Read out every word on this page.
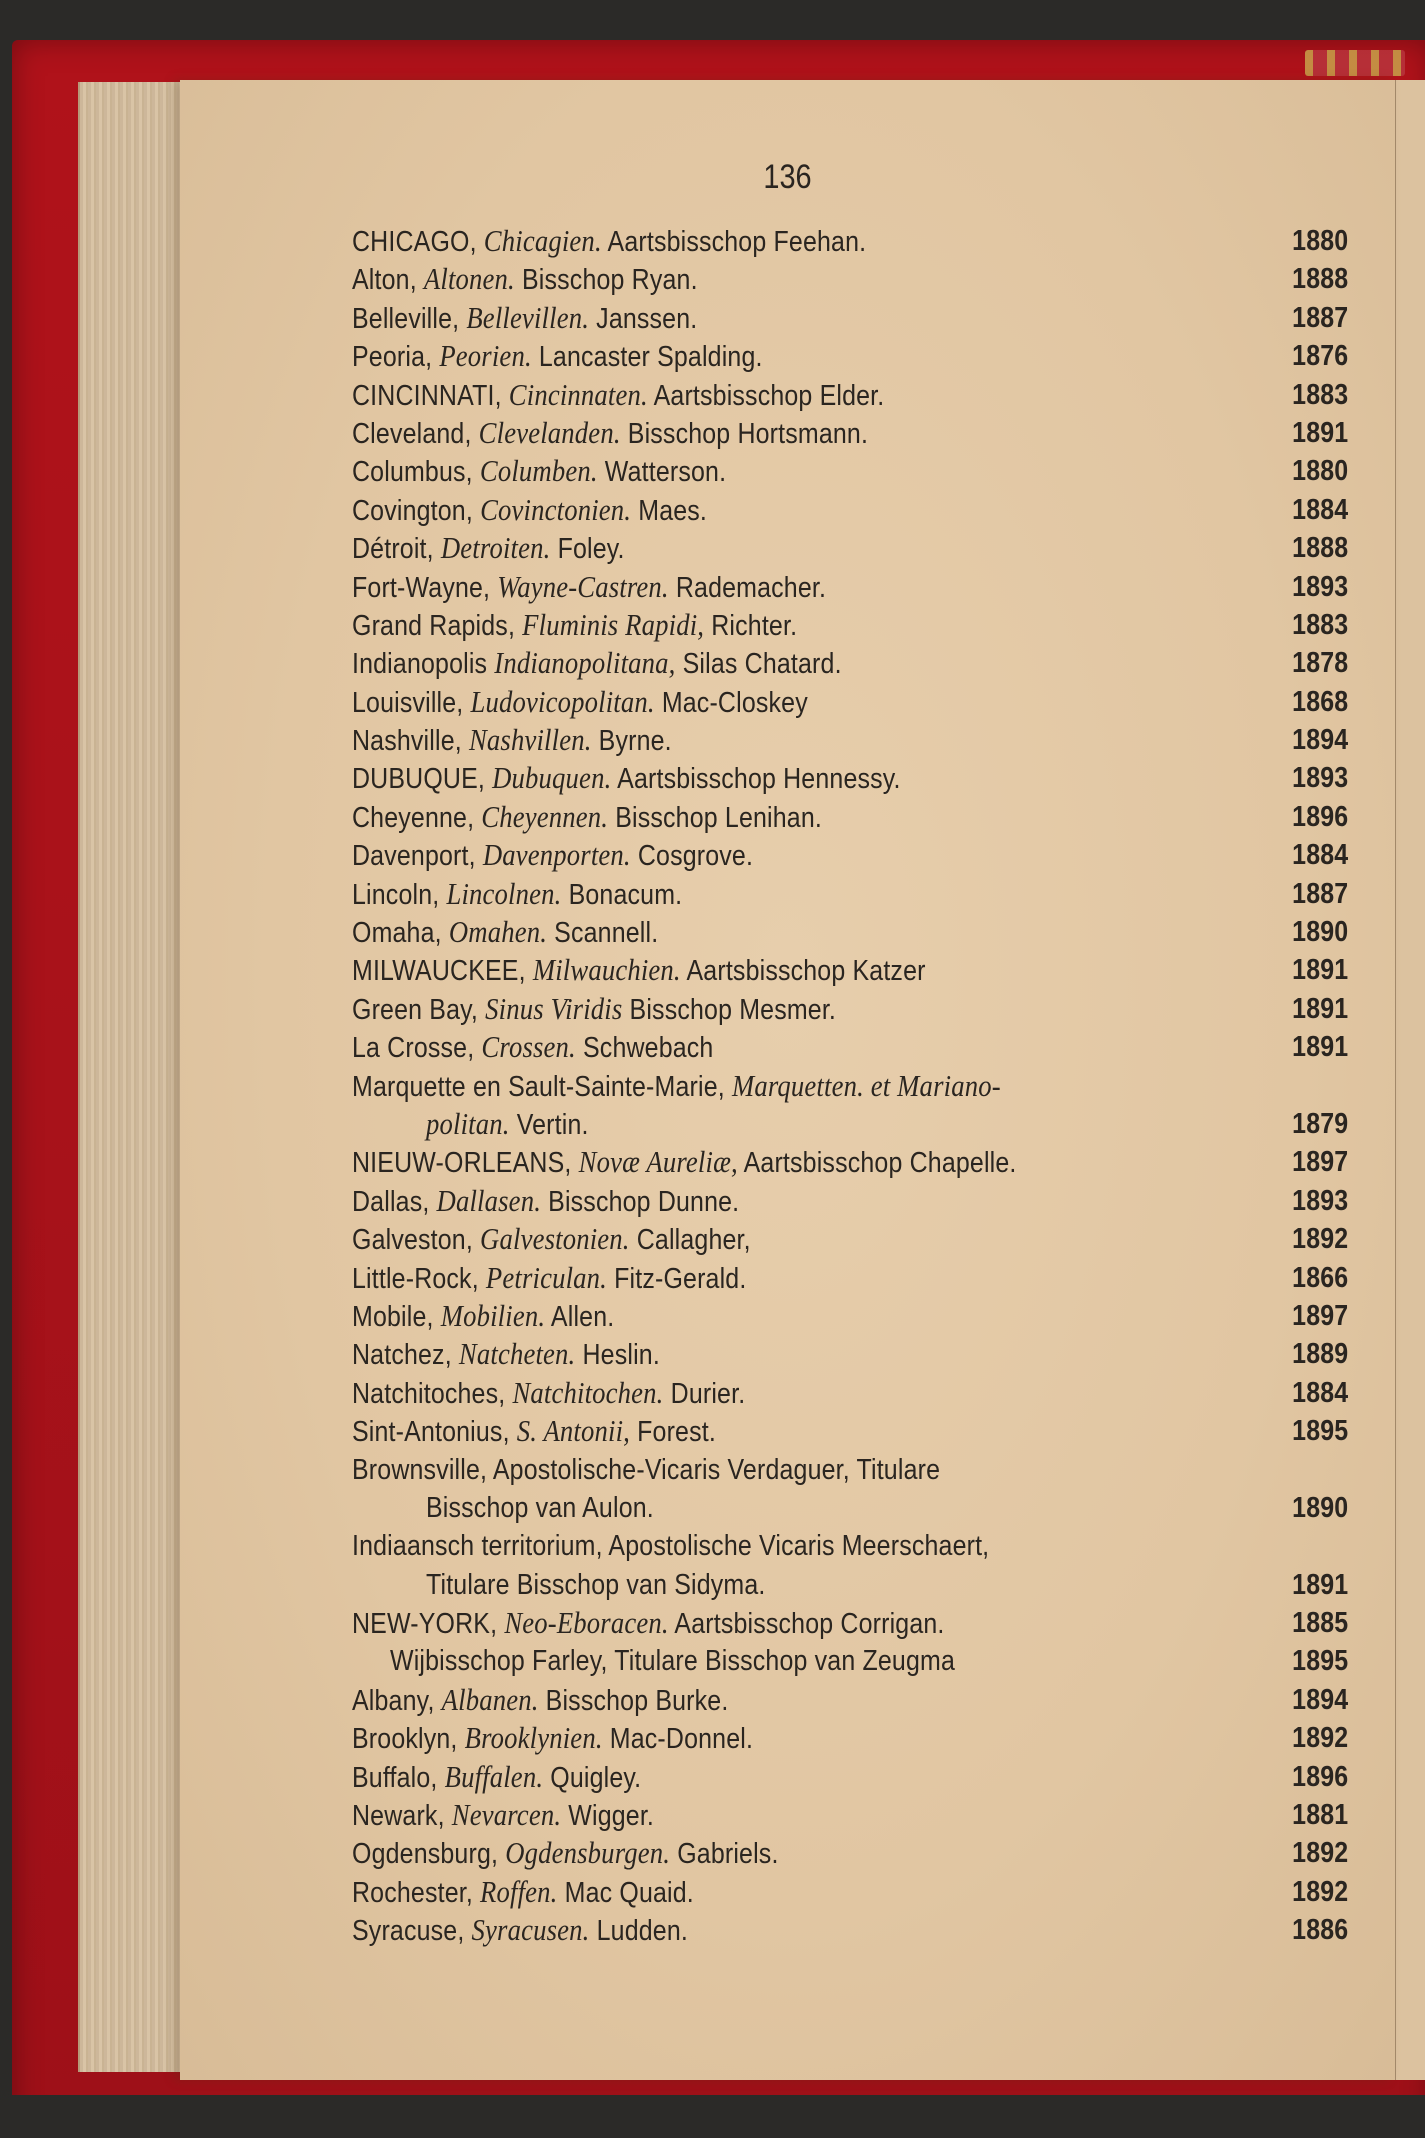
136
CHICAGO, Chicagien. Aartsbisschop Feehan.	1880
Alton, Altonen. Bisschop Ryan.	1888
Belleville, Bellevillen. Janssen.	1887
Peoria, Peorien. Lancaster Spalding.	1876
CINCINNATI, Cincinnaten. Aartsbisschop Elder.	1883
Cleveland, Clevelanden. Bisschop Hortsmann.	1891
Columbus, Columben. Watterson.	1880
Covington, Covinctonien. Maes.	1884
Détroit, Detroiten. Foley.	1888
Fort-Wayne, Wayne-Castren. Rademacher.	1893
Grand Rapids, Fluminis Rapidi, Richter.	1883
Indianopolis Indianopolitana, Silas Chatard.	1878
Louisville, Ludovicopolitan. Mac-Closkey	1868
Nashville, Nashvillen. Byrne.	1894
DUBUQUE, Dubuquen. Aartsbisschop Hennessy.	1893
Cheyenne, Cheyennen. Bisschop Lenihan.	1896
Davenport, Davenporten. Cosgrove.	1884
Lincoln, Lincolnen. Bonacum.	1887
Omaha, Omahen. Scannell.	1890
MILWAUCKEE, Milwauchien. Aartsbisschop Katzer	1891
Green Bay, Sinus Viridis Bisschop Mesmer.	1891
La Crosse, Crossen. Schwebach	1891
Marquette en Sault-Sainte-Marie, Marquetten. et Mariano-
politan. Vertin.	1879
NIEUW-ORLEANS, Novæ Aureliæ, Aartsbisschop Chapelle.	1897
Dallas, Dallasen. Bisschop Dunne.	1893
Galveston, Galvestonien. Callagher,	1892
Little-Rock, Petriculan. Fitz-Gerald.	1866
Mobile, Mobilien. Allen.	1897
Natchez, Natcheten. Heslin.	1889
Natchitoches, Natchitochen. Durier.	1884
Sint-Antonius, S. Antonii, Forest.	1895
Brownsville, Apostolische-Vicaris Verdaguer, Titulare
Bisschop van Aulon.	1890
Indiaansch territorium, Apostolische Vicaris Meerschaert,
Titulare Bisschop van Sidyma.	1891
NEW-YORK, Neo-Eboracen. Aartsbisschop Corrigan.	1885
Wijbisschop Farley, Titulare Bisschop van Zeugma	1895
Albany, Albanen. Bisschop Burke.	1894
Brooklyn, Brooklynien. Mac-Donnel.	1892
Buffalo, Buffalen. Quigley.	1896
Newark, Nevarcen. Wigger.	1881
Ogdensburg, Ogdensburgen. Gabriels.	1892
Rochester, Roffen. Mac Quaid.	1892
Syracuse, Syracusen. Ludden.	1886
